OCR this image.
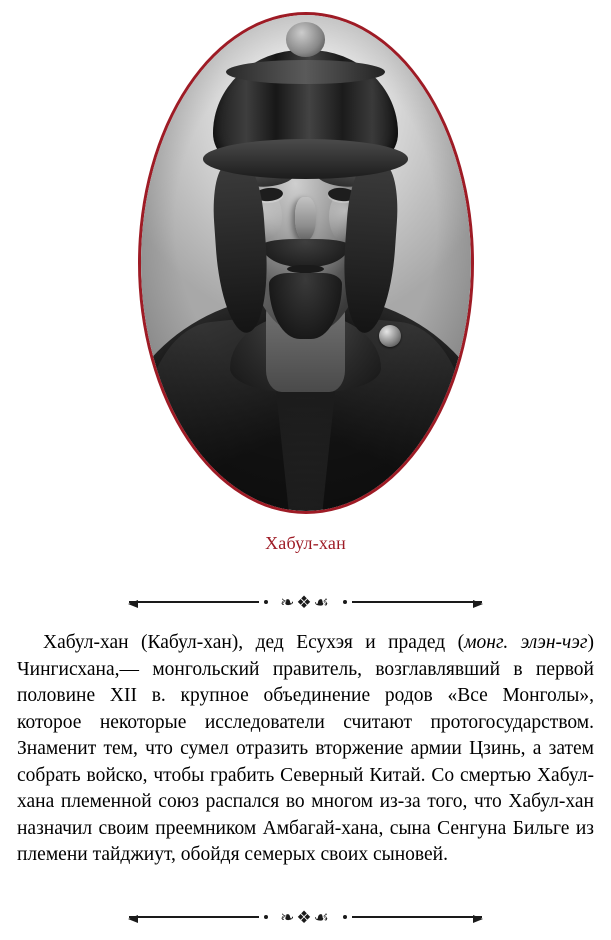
Хабул-хан
❧❖☙

Хабул-хан (Кабул-хан), дед Есухэя и прадед (монг. элэн-чэг) Чингисхана,— монгольский правитель, возглавлявший в первой половине XII в. крупное объединение родов «Все Монголы», которое некоторые исследователи считают протогосударством. Знаменит тем, что сумел отразить вторжение армии Цзинь, а затем собрать войско, чтобы грабить Северный Китай. Со смертью Хабул-хана племенной союз распался во многом из-за того, что Хабул-хан назначил своим преемником Амбагай-хана, сына Сенгуна Бильге из племени тайджиут, обойдя семерых своих сыновей.

❧❖☙
